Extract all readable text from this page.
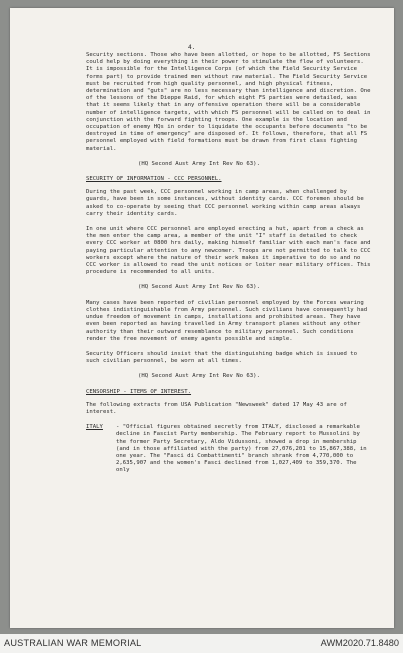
4.

Security sections. Those who have been allotted, or hope to be allotted, FS Sections could help by doing everything in their power to stimulate the flow of volunteers. It is impossible for the Intelligence Corps (of which the Field Security Service forms part) to provide trained men without raw material. The Field Security Service must be recruited from high quality personnel, and high physical fitness, determination and "guts" are no less necessary than intelligence and discretion. One of the lessons of the Dieppe Raid, for which eight FS parties were detailed, was that it seems likely that in any offensive operation there will be a considerable number of intelligence targets, with which FS personnel will be called on to deal in conjunction with the forward fighting troops. One example is the location and occupation of enemy HQs in order to liquidate the occupants before documents "to be destroyed in time of emergency" are disposed of. It follows, therefore, that all FS personnel employed with field formations must be drawn from first class fighting material.

(HQ Second Aust Army Int Rev No 63).

SECURITY OF INFORMATION - CCC PERSONNEL.

During the past week, CCC personnel working in camp areas, when challenged by guards, have been in some instances, without identity cards. CCC foremen should be asked to co-operate by seeing that CCC personnel working within camp areas always carry their identity cards.

In one unit where CCC personnel are employed erecting a hut, apart from a check as the men enter the camp area, a member of the unit "I" staff is detailed to check every CCC worker at 0800 hrs daily, making himself familiar with each man's face and paying particular attention to any newcomer. Troops are not permitted to talk to CCC workers except where the nature of their work makes it imperative to do so and no CCC worker is allowed to read the unit notices or loiter near military offices. This procedure is recommended to all units.

(HQ Second Aust Army Int Rev No 63).

Many cases have been reported of civilian personnel employed by the Forces wearing clothes indistinguishable from Army personnel. Such civilians have consequently had undue freedom of movement in camps, installations and prohibited areas. They have even been reported as having travelled in Army transport planes without any other authority than their outward resemblance to military personnel. Such conditions render the free movement of enemy agents possible and simple.

Security Officers should insist that the distinguishing badge which is issued to such civilian personnel, be worn at all times.

(HQ Second Aust Army Int Rev No 63).

CENSORSHIP - ITEMS OF INTEREST.

The following extracts from USA Publication "Newsweek" dated 17 May 43 are of interest.

ITALY	- "Official figures obtained secretly from ITALY, disclosed a remarkable decline in Fascist Party membership. The February report to Mussolini by the former Party Secretary, Aldo Vidussoni, showed a drop in membership (and in those affiliated with the party) from 27,076,201 to 15,867,388, in one year. The "Fasci di Combattimenti" branch shrank from 4,770,000 to 2,635,907 and the women's Fasci declined from 1,027,409 to 359,370. The only
AUSTRALIAN WAR MEMORIAL	AWM2020.71.8480
